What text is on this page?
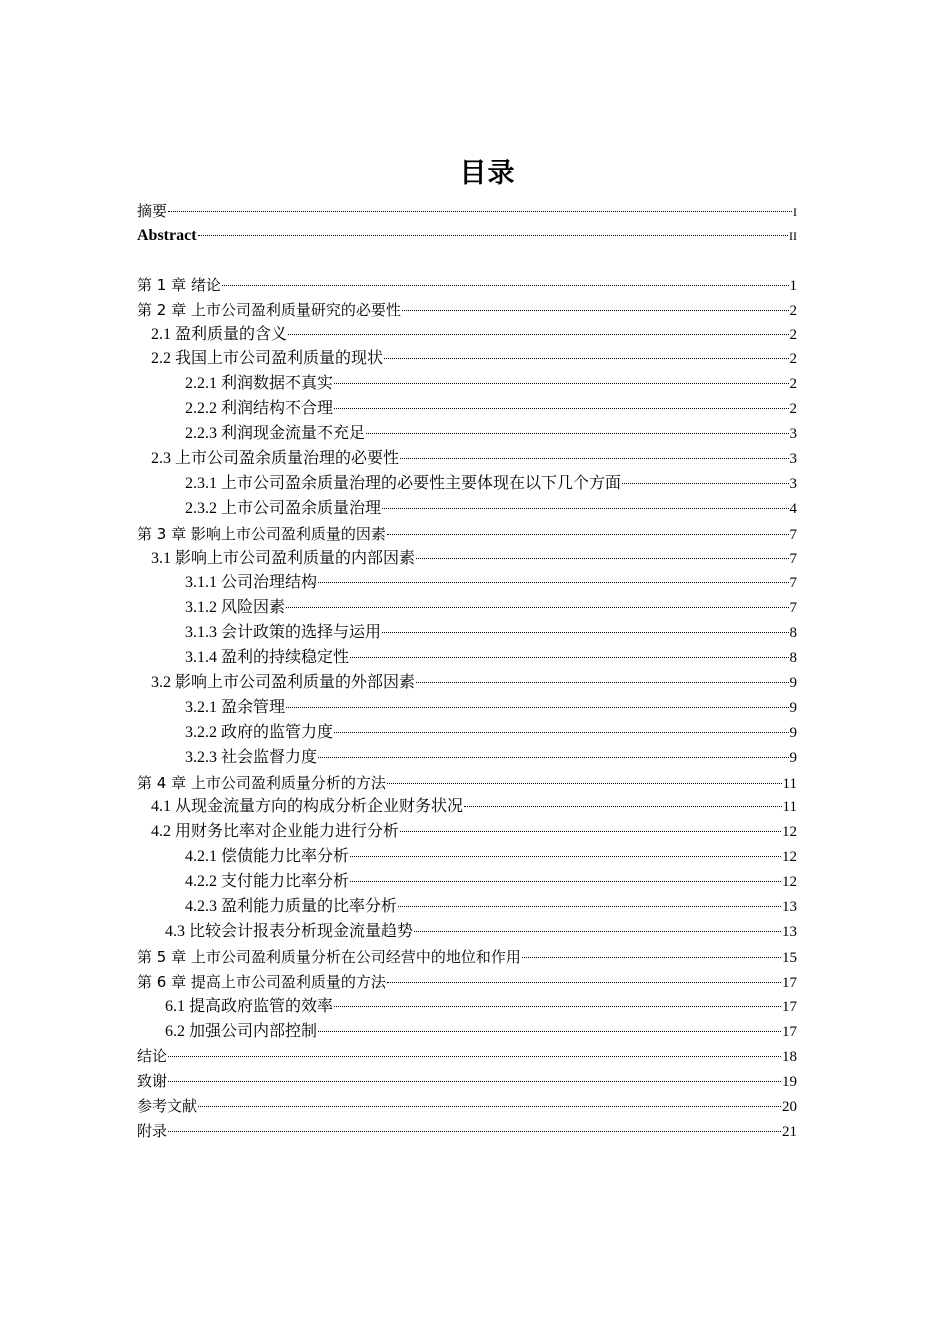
目录
摘要	I
Abstract	II
第 1 章 绪论	1
第 2 章 上市公司盈利质量研究的必要性	2
2.1 盈利质量的含义	2
2.2 我国上市公司盈利质量的现状	2
2.2.1 利润数据不真实	2
2.2.2 利润结构不合理	2
2.2.3 利润现金流量不充足	3
2.3 上市公司盈余质量治理的必要性	3
2.3.1 上市公司盈余质量治理的必要性主要体现在以下几个方面	3
2.3.2 上市公司盈余质量治理	4
第 3 章 影响上市公司盈利质量的因素	7
3.1 影响上市公司盈利质量的内部因素	7
3.1.1 公司治理结构	7
3.1.2 风险因素	7
3.1.3 会计政策的选择与运用	8
3.1.4 盈利的持续稳定性	8
3.2 影响上市公司盈利质量的外部因素	9
3.2.1 盈余管理	9
3.2.2 政府的监管力度	9
3.2.3 社会监督力度	9
第 4 章 上市公司盈利质量分析的方法	11
4.1 从现金流量方向的构成分析企业财务状况	11
4.2 用财务比率对企业能力进行分析	12
4.2.1 偿债能力比率分析	12
4.2.2 支付能力比率分析	12
4.2.3 盈利能力质量的比率分析	13
4.3 比较会计报表分析现金流量趋势	13
第 5 章 上市公司盈利质量分析在公司经营中的地位和作用	15
第 6 章 提高上市公司盈利质量的方法	17
6.1 提高政府监管的效率	17
6.2 加强公司内部控制	17
结论	18
致谢	19
参考文献	20
附录	21
